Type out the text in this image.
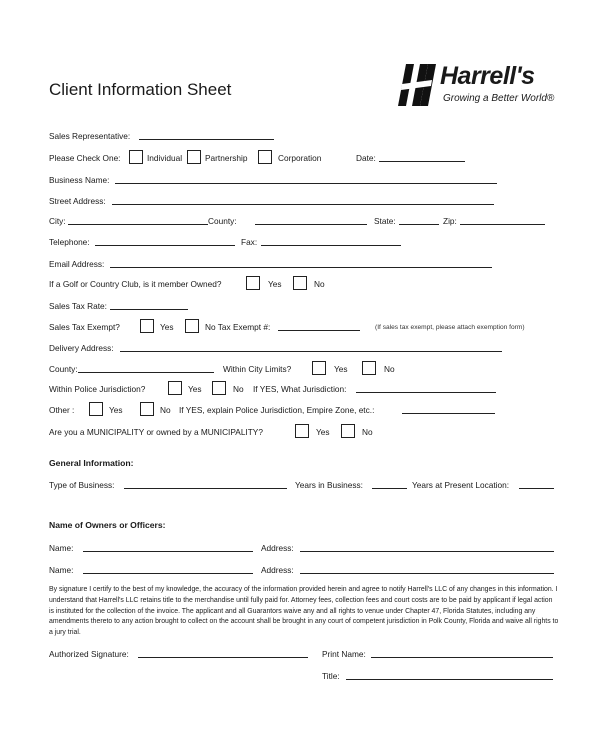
Client Information Sheet	Harrell's
Growing a Better World®
Sales Representative:
Please Check One:	Individual	Partnership	Corporation	Date:
Business Name:
Street Address:
City:	County:	State:	Zip:
Telephone:	Fax:
Email Address:
If a Golf or Country Club, is it member Owned?	Yes	No
Sales Tax Rate:
Sales Tax Exempt?	Yes	No Tax Exempt #:	(If sales tax exempt, please attach exemption form)
Delivery Address:
County:	Within City Limits?	Yes	No
Within Police Jurisdiction?	Yes	No If YES, What Jurisdiction:
Other :	Yes	No If YES, explain Police Jurisdiction, Empire Zone, etc.:
Are you a MUNICIPALITY or owned by a MUNICIPALITY?	Yes	No
General Information:
Type of Business:	Years in Business:	Years at Present Location:
Name of Owners or Officers:
Name:	Address:
Name:	Address:
By signature I certify to the best of my knowledge, the accuracy of the information provided herein and agree to notify Harrell's LLC of any changes in this information. I understand that Harrell's LLC retains title to the merchandise until fully paid for. Attorney fees, collection fees and court costs are to be paid by applicant if legal action is instituted for the collection of the invoice. The applicant and all Guarantors waive any and all rights to venue under Chapter 47, Florida Statutes, including any amendments thereto to any action brought to collect on the account shall be brought in any court of competent jurisdiction in Polk County, Florida and waive all rights to a jury trial.
Authorized Signature:	Print Name:
Title:
